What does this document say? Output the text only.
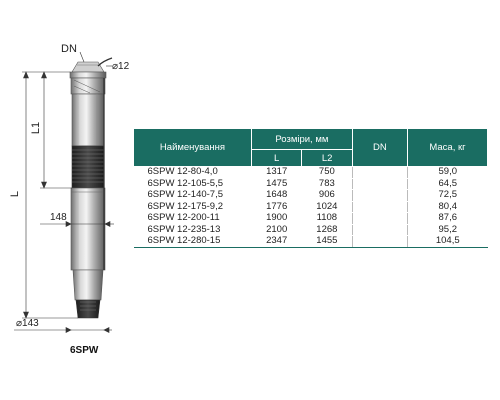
DN
⌀12
L1
L
148
⌀143
6SPW
Найменування	Розміри, мм		DN	Маса, кг
	L	L2		
6SPW 12-80-4,0	1317	750		59,0
6SPW 12-105-5,5	1475	783		64,5
6SPW 12-140-7,5	1648	906		72,5
6SPW 12-175-9,2	1776	1024		80,4
6SPW 12-200-11	1900	1108		87,6
6SPW 12-235-13	2100	1268		95,2
6SPW 12-280-15	2347	1455		104,5
